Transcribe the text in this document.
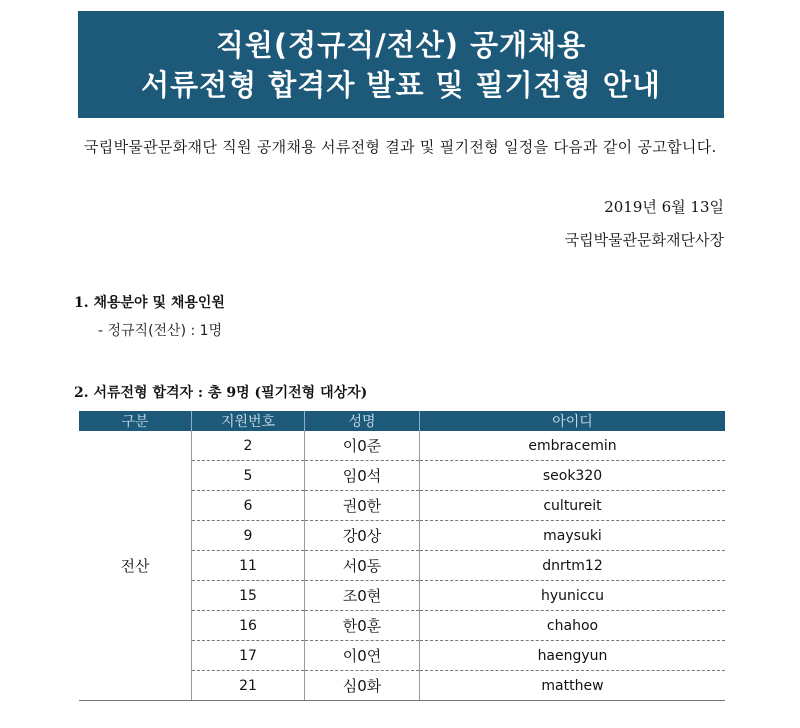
직원(정규직/전산) 공개채용
서류전형 합격자 발표 및 필기전형 안내
국립박물관문화재단 직원 공개채용 서류전형 결과 및 필기전형 일정을 다음과 같이 공고합니다.
2019년 6월 13일
국립박물관문화재단사장
1. 채용분야 및 채용인원
- 정규직(전산) : 1명
2. 서류전형 합격자 : 총 9명 (필기전형 대상자)
구분	지원번호	성명	아이디
전산	2	이0준	embracemin
	5	임0석	seok320
	6	권0한	cultureit
	9	강0상	maysuki
	11	서0동	dnrtm12
	15	조0현	hyuniccu
	16	한0훈	chahoo
	17	이0연	haengyun
	21	심0화	matthew
